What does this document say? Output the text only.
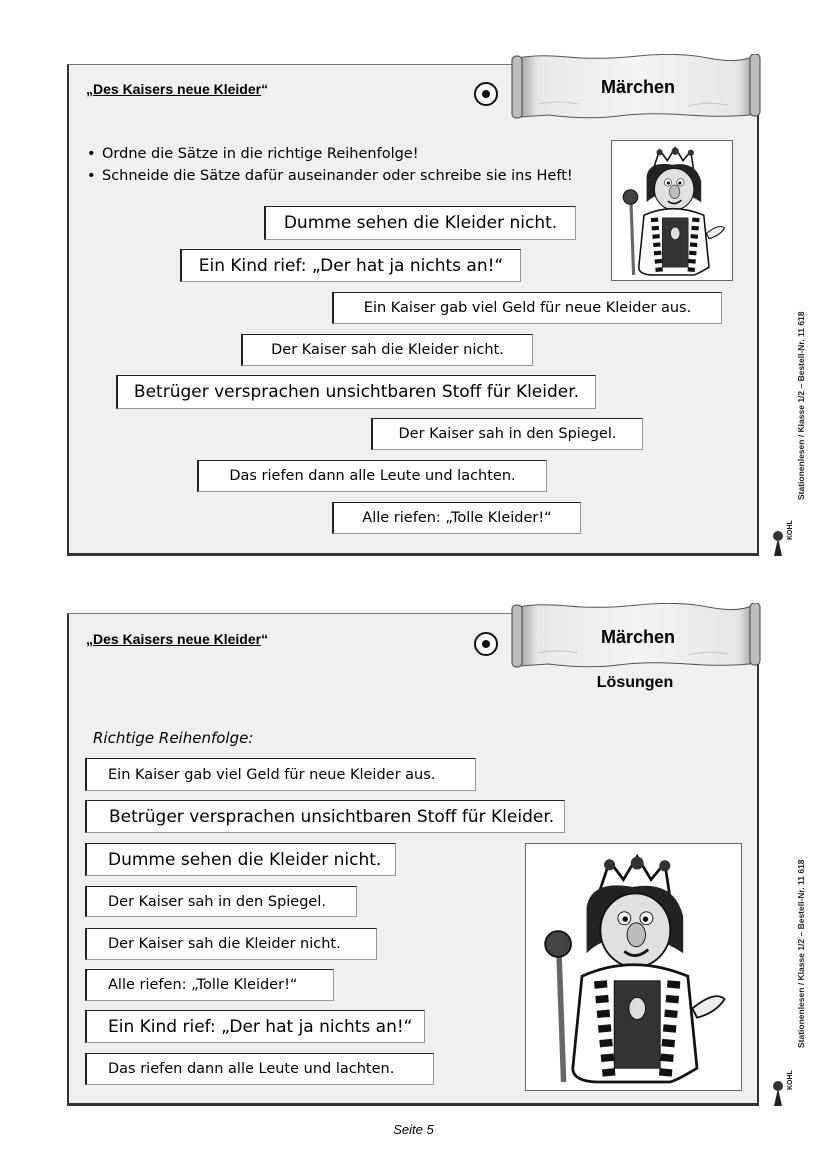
„Des Kaisers neue Kleider“	Märchen
• Ordne die Sätze in die richtige Reihenfolge!
• Schneide die Sätze dafür auseinander oder schreibe sie ins Heft!
Dumme sehen die Kleider nicht.
Ein Kind rief: „Der hat ja nichts an!“
Ein Kaiser gab viel Geld für neue Kleider aus.
Der Kaiser sah die Kleider nicht.
Betrüger versprachen unsichtbaren Stoff für Kleider.
Der Kaiser sah in den Spiegel.
Das riefen dann alle Leute und lachten.
Alle riefen: „Tolle Kleider!“
„Des Kaisers neue Kleider“	Märchen
Lösungen
Richtige Reihenfolge:
Ein Kaiser gab viel Geld für neue Kleider aus.
Betrüger versprachen unsichtbaren Stoff für Kleider.
Dumme sehen die Kleider nicht.
Der Kaiser sah in den Spiegel.
Der Kaiser sah die Kleider nicht.
Alle riefen: „Tolle Kleider!“
Ein Kind rief: „Der hat ja nichts an!“
Das riefen dann alle Leute und lachten.
Stationenlesen / Klasse 1/2 – Bestell-Nr. 11 618
Stationenlesen / Klasse 1/2 – Bestell-Nr. 11 618
KOHL
KOHL
Seite 5
